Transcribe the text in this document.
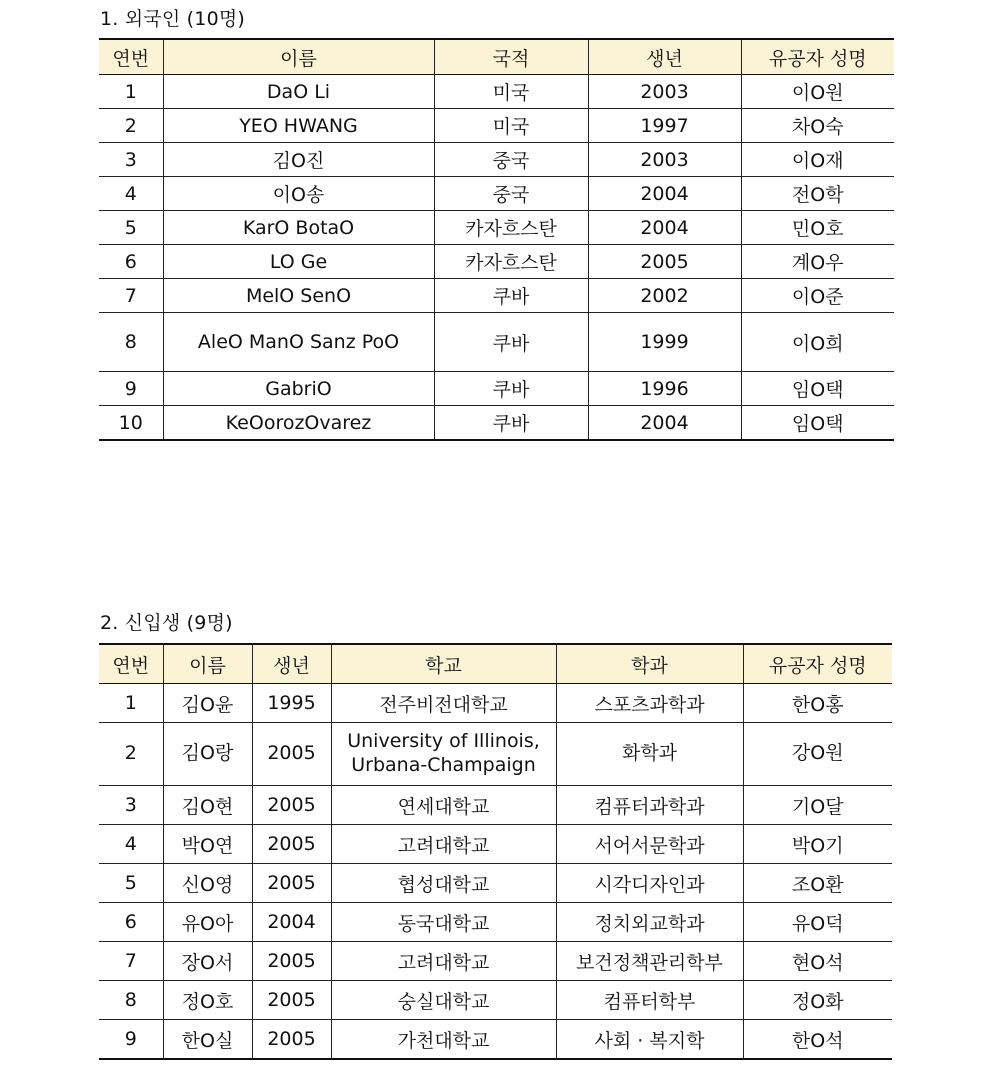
1. 외국인 (10명)
연번	이름	국적	생년	유공자 성명
1	DaO Li	미국	2003	이O원
2	YEO HWANG	미국	1997	차O숙
3	김O진	중국	2003	이O재
4	이O송	중국	2004	전O학
5	KarO BotaO	카자흐스탄	2004	민O호
6	LO Ge	카자흐스탄	2005	계O우
7	MelO SenO	쿠바	2002	이O준
8	AleO ManO Sanz PoO	쿠바	1999	이O희
9	GabriO	쿠바	1996	임O택
10	KeOorozOvarez	쿠바	2004	임O택
2. 신입생 (9명)
연번	이름	생년	학교	학과	유공자 성명
1	김O윤	1995	전주비전대학교	스포츠과학과	한O홍
2	김O랑	2005	University of Illinois, Urbana-Champaign	화학과	강O원
3	김O현	2005	연세대학교	컴퓨터과학과	기O달
4	박O연	2005	고려대학교	서어서문학과	박O기
5	신O영	2005	협성대학교	시각디자인과	조O환
6	유O아	2004	동국대학교	정치외교학과	유O덕
7	장O서	2005	고려대학교	보건정책관리학부	현O석
8	정O호	2005	숭실대학교	컴퓨터학부	정O화
9	한O실	2005	가천대학교	사회 · 복지학	한O석
